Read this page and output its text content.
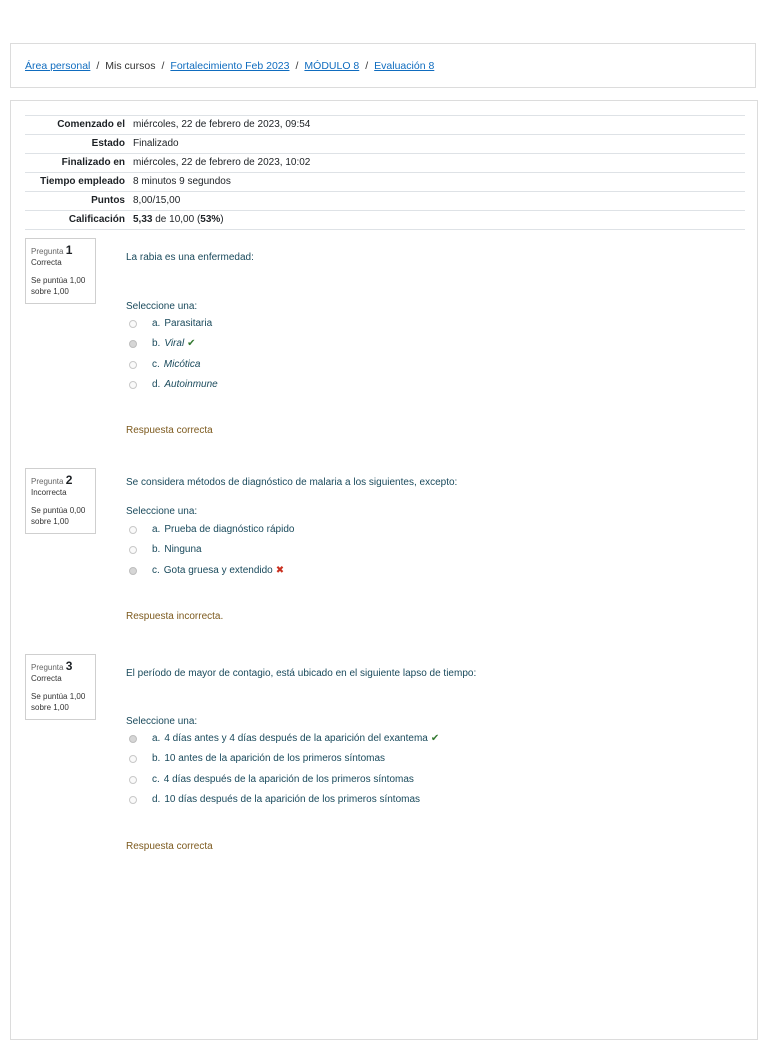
Área personal / Mis cursos / Fortalecimiento Feb 2023 / MÓDULO 8 / Evaluación 8
Comenzado el	miércoles, 22 de febrero de 2023, 09:54
Estado	Finalizado
Finalizado en	miércoles, 22 de febrero de 2023, 10:02
Tiempo empleado	8 minutos 9 segundos
Puntos	8,00/15,00
Calificación	5,33 de 10,00 (53%)
Pregunta 1
Correcta
Se puntúa 1,00 sobre 1,00
La rabia es una enfermedad:
Seleccione una:
a. Parasitaria
b. Viral ✔
c. Micótica
d. Autoinmune
Respuesta correcta
Pregunta 2
Incorrecta
Se puntúa 0,00 sobre 1,00
Se considera métodos de diagnóstico de malaria a los siguientes, excepto:
Seleccione una:
a. Prueba de diagnóstico rápido
b. Ninguna
c. Gota gruesa y extendido ✖
Respuesta incorrecta.
Pregunta 3
Correcta
Se puntúa 1,00 sobre 1,00
El período de mayor de contagio, está ubicado en el siguiente lapso de tiempo:
Seleccione una:
a. 4 días antes y 4 días después de la aparición del exantema ✔
b. 10 antes de la aparición de los primeros síntomas
c. 4 días después de la aparición de los primeros síntomas
d. 10 días después de la aparición de los primeros síntomas
Respuesta correcta
